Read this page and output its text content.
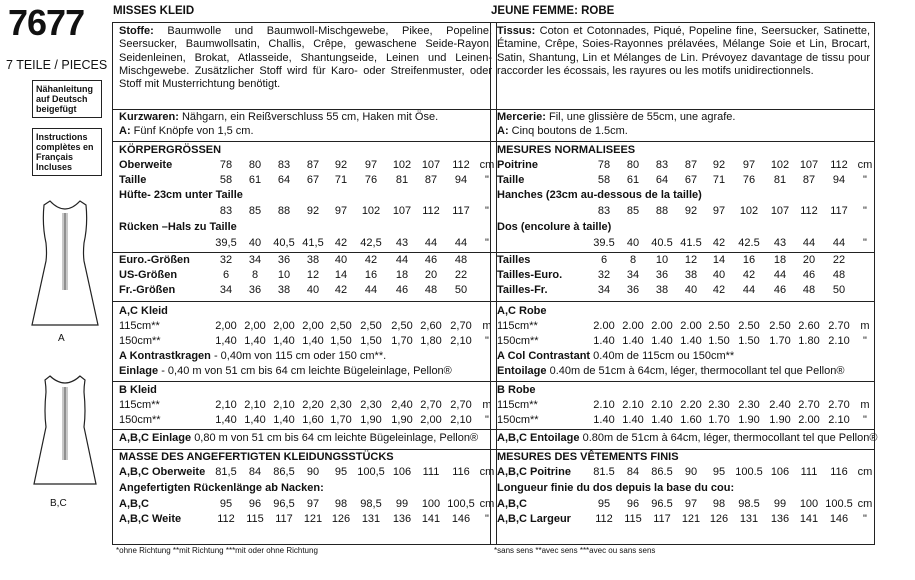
7677
7 TEILE / PIECES
Nähanleitung auf Deutsch beigefügt
Instructions complètes en Français Incluses
A
B,C
MISSES KLEID
Stoffe: Baumwolle und Baumwoll-Mischgewebe, Pikee, Popeline, Seersucker, Baumwollsatin, Challis, Crêpe, gewaschene Seide-Rayon, Seidenleinen, Brokat, Atlasseide, Shantungseide, Leinen und Leinen-Mischgewebe. Zusätzlicher Stoff wird für Karo- oder Streifenmuster, oder Stoff mit Musterrichtung benötigt.
Kurzwaren: Nähgarn, ein Reißverschluss 55 cm, Haken mit Öse.
A: Fünf Knöpfe von 1,5 cm.
KÖRPERGRÖSSEN
Oberweite	78	80	83	87	92	97	102 107	112 cm
Taille	58	61	64	67	71	76	81	87	94	"
Hüfte- 23cm unter Taille
83	85	88	92	97	102	107	112	117	"
Rücken –Hals zu Taille
39,5	40	40,5 41,5	42	42,5	43	44	44	"
Euro.-Größen	32	34	36	38	40	42	44	46	48
US-Größen	6	8	10	12	14	16	18	20	22
Fr.-Größen	34	36	38	40	42	44	46	48	50
A,C Kleid
115cm**	2,00 2,00 2,00 2,00 2,50 2,50 2,50 2,60 2,70 m
150cm**	1,40 1,40 1,40 1,40 1,50 1,50 1,70 1,80 2,10	"
A Kontrastkragen - 0,40m von 115 cm oder 150 cm**.
Einlage - 0,40 m von 51 cm bis 64 cm leichte Bügeleinlage, Pellon®
B Kleid
115cm**	2,10 2,10 2,10 2,20 2,30 2,30 2,40 2,70 2,70 m
150cm**	1,40 1,40 1,40 1,60 1,70 1,90 1,90 2,00 2,10	"
A,B,C Einlage 0,80 m von 51 cm bis 64 cm leichte Bügeleinlage, Pellon®
MASSE DES ANGEFERTIGTEN KLEIDUNGSSTÜCKS
A,B,C Oberweite 81,5	84	86,5	90	95 100,5 106	111	116 cm
Angefertigten Rückenlänge ab Nacken:
A,B,C	95	96	96,5	97	98	98,5	99	100 100,5 cm
A,B,C Weite	112	115	117	121 126	131	136 141	146	"
JEUNE FEMME: ROBE
Tissus: Coton et Cotonnades, Piqué, Popeline fine, Seersucker, Satinette, Étamine, Crêpe, Soies-Rayonnes prélavées, Mélange Soie et Lin, Brocart, Satin, Shantung, Lin et Mélanges de Lin. Prévoyez davantage de tissu pour raccorder les écossais, les rayures ou les motifs unidirectionnels.
Mercerie: Fil, une glissière de 55cm, une agrafe.
A: Cinq boutons de 1.5cm.
MESURES NORMALISEES
Poitrine	78	80	83	87	92	97	102 107	112 cm
Taille	58	61	64	67	71	76	81	87	94	"
Hanches (23cm au-dessous de la taille)
83	85	88	92	97	102	107	112	117	"
Dos (encolure à taille)
39.5	40	40.5 41.5	42	42.5	43	44	44	"
Tailles	6	8	10	12	14	16	18	20	22
Tailles-Euro.	32	34	36	38	40	42	44	46	48
Tailles-Fr.	34	36	38	40	42	44	46	48	50
A,C Robe
115cm**	2.00 2.00 2.00 2.00 2.50 2.50 2.50 2.60 2.70 m
150cm**	1.40 1.40 1.40 1.40 1.50 1.50 1.70 1.80 2.10	"
A Col Contrastant 0.40m de 115cm ou 150cm**
Entoilage 0.40m de 51cm à 64cm, léger, thermocollant tel que Pellon®
B Robe
115cm**	2.10 2.10 2.10 2.20 2.30 2.30 2.40 2.70 2.70 m
150cm**	1.40 1.40 1.40 1.60 1.70 1.90 1.90 2.00 2.10	"
A,B,C Entoilage 0.80m de 51cm à 64cm, léger, thermocollant tel que Pellon®
MESURES DES VÊTEMENTS FINIS
A,B,C Poitrine	81.5	84	86.5	90	95 100.5 106	111	116 cm
Longueur finie du dos depuis la base du cou:
A,B,C	95	96	96.5	97	98	98.5	99	100 100.5 cm
A,B,C Largeur	112	115	117	121 126	131	136 141	146	"
*ohne Richtung **mit Richtung ***mit oder ohne Richtung	*sans sens **avec sens ***avec ou sans sens
